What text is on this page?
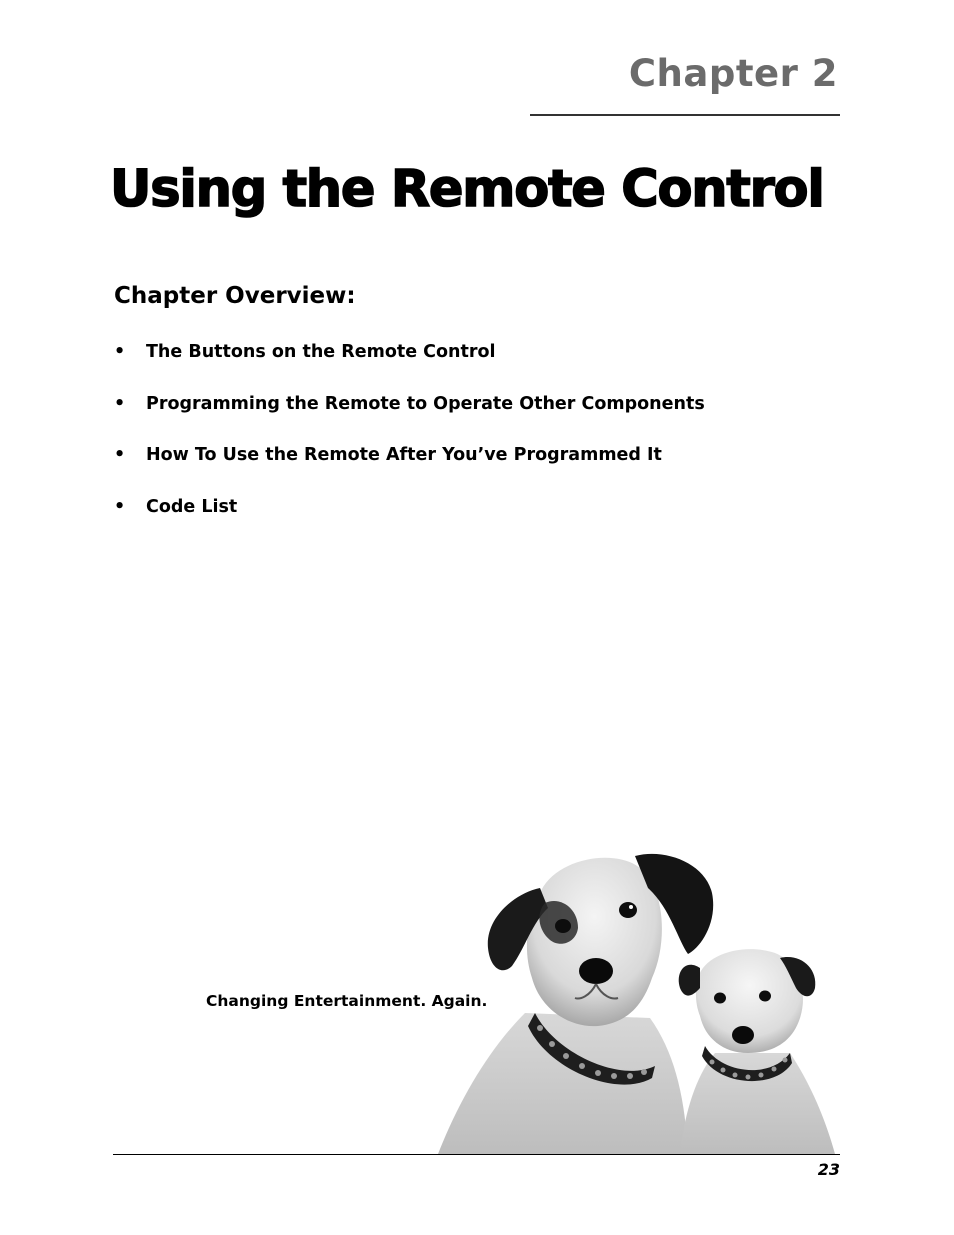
Chapter 2
Using the Remote Control
Chapter Overview:
• The Buttons on the Remote Control
• Programming the Remote to Operate Other Components
• How To Use the Remote After You’ve Programmed It
• Code List
Changing Entertainment. Again.
23
